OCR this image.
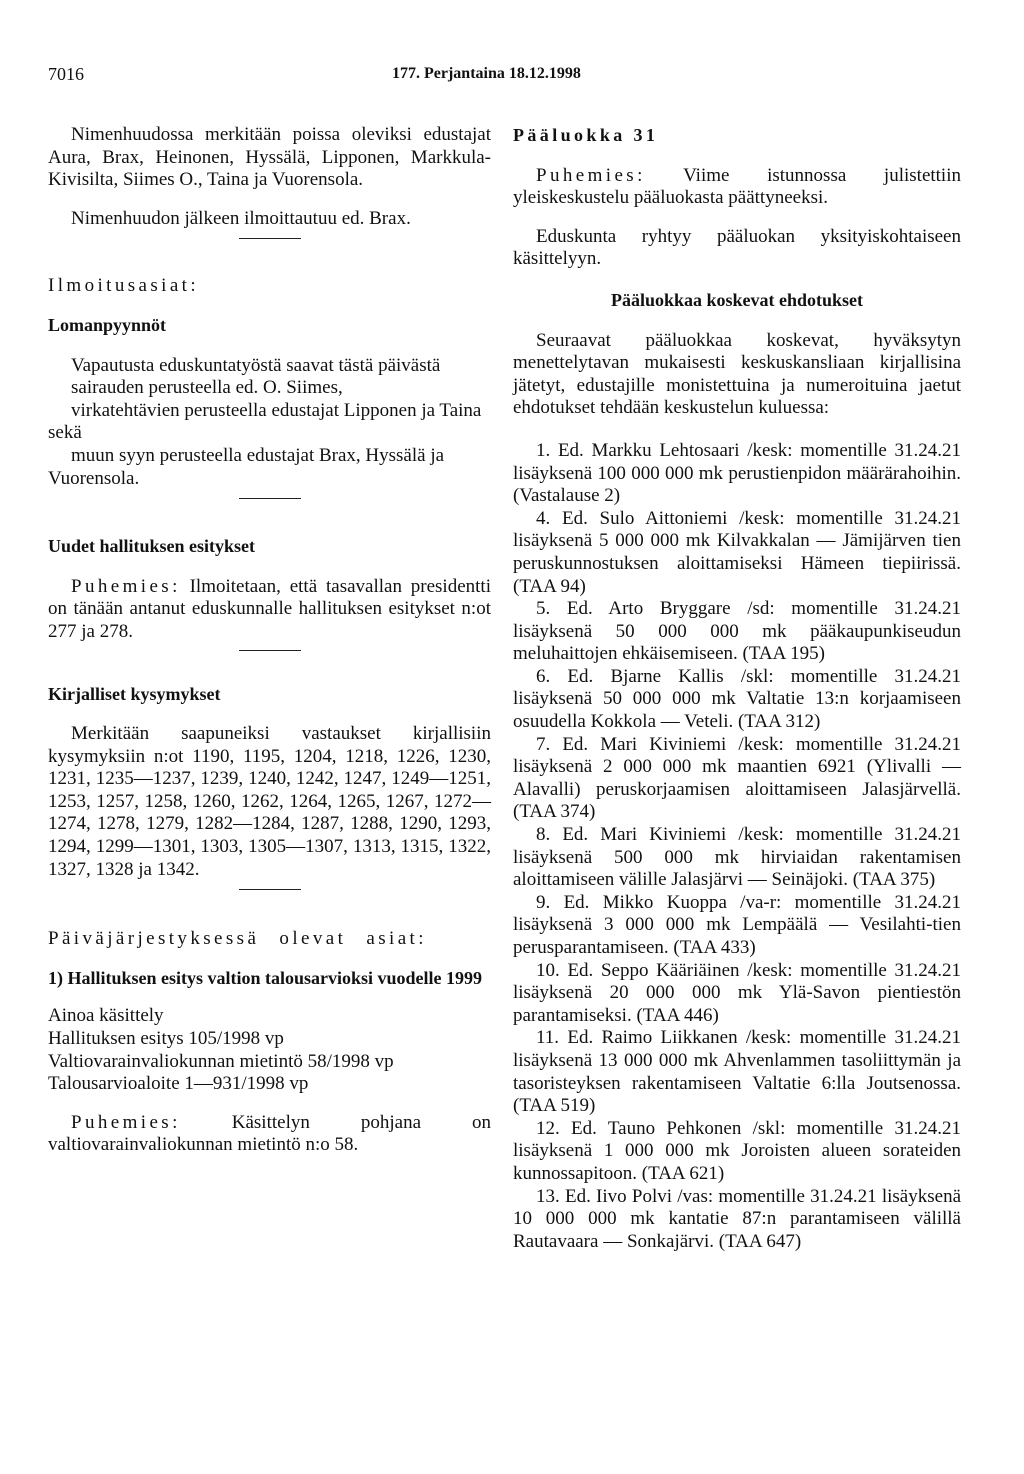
7016	177. Perjantaina 18.12.1998

Nimenhuudossa merkitään poissa oleviksi edustajat Aura, Brax, Heinonen, Hyssälä, Lipponen, Markkula-Kivisilta, Siimes O., Taina ja Vuorensola.

Nimenhuudon jälkeen ilmoittautuu ed. Brax.

Ilmoitusasiat:

Lomanpyynnöt

Vapautusta eduskuntatyöstä saavat tästä päivästä

sairauden perusteella ed. O. Siimes,

virkatehtävien perusteella edustajat Lipponen ja Taina sekä

muun syyn perusteella edustajat Brax, Hyssälä ja Vuorensola.

Uudet hallituksen esitykset

Puhemies: Ilmoitetaan, että tasavallan presidentti on tänään antanut eduskunnalle hallituksen esitykset n:ot 277 ja 278.

Kirjalliset kysymykset

Merkitään saapuneiksi vastaukset kirjallisiin kysymyksiin n:ot 1190, 1195, 1204, 1218, 1226, 1230, 1231, 1235—1237, 1239, 1240, 1242, 1247, 1249—1251, 1253, 1257, 1258, 1260, 1262, 1264, 1265, 1267, 1272—1274, 1278, 1279, 1282—1284, 1287, 1288, 1290, 1293, 1294, 1299—1301, 1303, 1305—1307, 1313, 1315, 1322, 1327, 1328 ja 1342.

Päiväjärjestyksessä olevat asiat:

1) Hallituksen esitys valtion talousarvioksi vuodelle 1999

Ainoa käsittely

Hallituksen esitys 105/1998 vp

Valtiovarainvaliokunnan mietintö 58/1998 vp

Talousarvioaloite 1—931/1998 vp

Puhemies: Käsittelyn pohjana on valtiovarainvaliokunnan mietintö n:o 58.

Pääluokka 31

Puhemies: Viime istunnossa julistettiin yleiskeskustelu pääluokasta päättyneeksi.

Eduskunta ryhtyy pääluokan yksityiskohtaiseen käsittelyyn.

Pääluokkaa koskevat ehdotukset

Seuraavat pääluokkaa koskevat, hyväksytyn menettelytavan mukaisesti keskuskansliaan kirjallisina jätetyt, edustajille monistettuina ja numeroituina jaetut ehdotukset tehdään keskustelun kuluessa:

1. Ed. Markku Lehtosaari /kesk: momentille 31.24.21 lisäyksenä 100 000 000 mk perustienpidon määrärahoihin. (Vastalause 2)

4. Ed. Sulo Aittoniemi /kesk: momentille 31.24.21 lisäyksenä 5 000 000 mk Kilvakkalan — Jämijärven tien peruskunnostuksen aloittamiseksi Hämeen tiepiirissä. (TAA 94)

5. Ed. Arto Bryggare /sd: momentille 31.24.21 lisäyksenä 50 000 000 mk pääkaupunkiseudun meluhaittojen ehkäisemiseen. (TAA 195)

6. Ed. Bjarne Kallis /skl: momentille 31.24.21 lisäyksenä 50 000 000 mk Valtatie 13:n korjaamiseen osuudella Kokkola — Veteli. (TAA 312)

7. Ed. Mari Kiviniemi /kesk: momentille 31.24.21 lisäyksenä 2 000 000 mk maantien 6921 (Ylivalli — Alavalli) peruskorjaamisen aloittamiseen Jalasjärvellä. (TAA 374)

8. Ed. Mari Kiviniemi /kesk: momentille 31.24.21 lisäyksenä 500 000 mk hirviaidan rakentamisen aloittamiseen välille Jalasjärvi — Seinäjoki. (TAA 375)

9. Ed. Mikko Kuoppa /va-r: momentille 31.24.21 lisäyksenä 3 000 000 mk Lempäälä — Vesilahti-tien perusparantamiseen. (TAA 433)

10. Ed. Seppo Kääriäinen /kesk: momentille 31.24.21 lisäyksenä 20 000 000 mk Ylä-Savon pientiestön parantamiseksi. (TAA 446)

11. Ed. Raimo Liikkanen /kesk: momentille 31.24.21 lisäyksenä 13 000 000 mk Ahvenlammen tasoliittymän ja tasoristeyksen rakentamiseen Valtatie 6:lla Joutsenossa. (TAA 519)

12. Ed. Tauno Pehkonen /skl: momentille 31.24.21 lisäyksenä 1 000 000 mk Joroisten alueen sorateiden kunnossapitoon. (TAA 621)

13. Ed. Iivo Polvi /vas: momentille 31.24.21 lisäyksenä 10 000 000 mk kantatie 87:n parantamiseen välillä Rautavaara — Sonkajärvi. (TAA 647)
